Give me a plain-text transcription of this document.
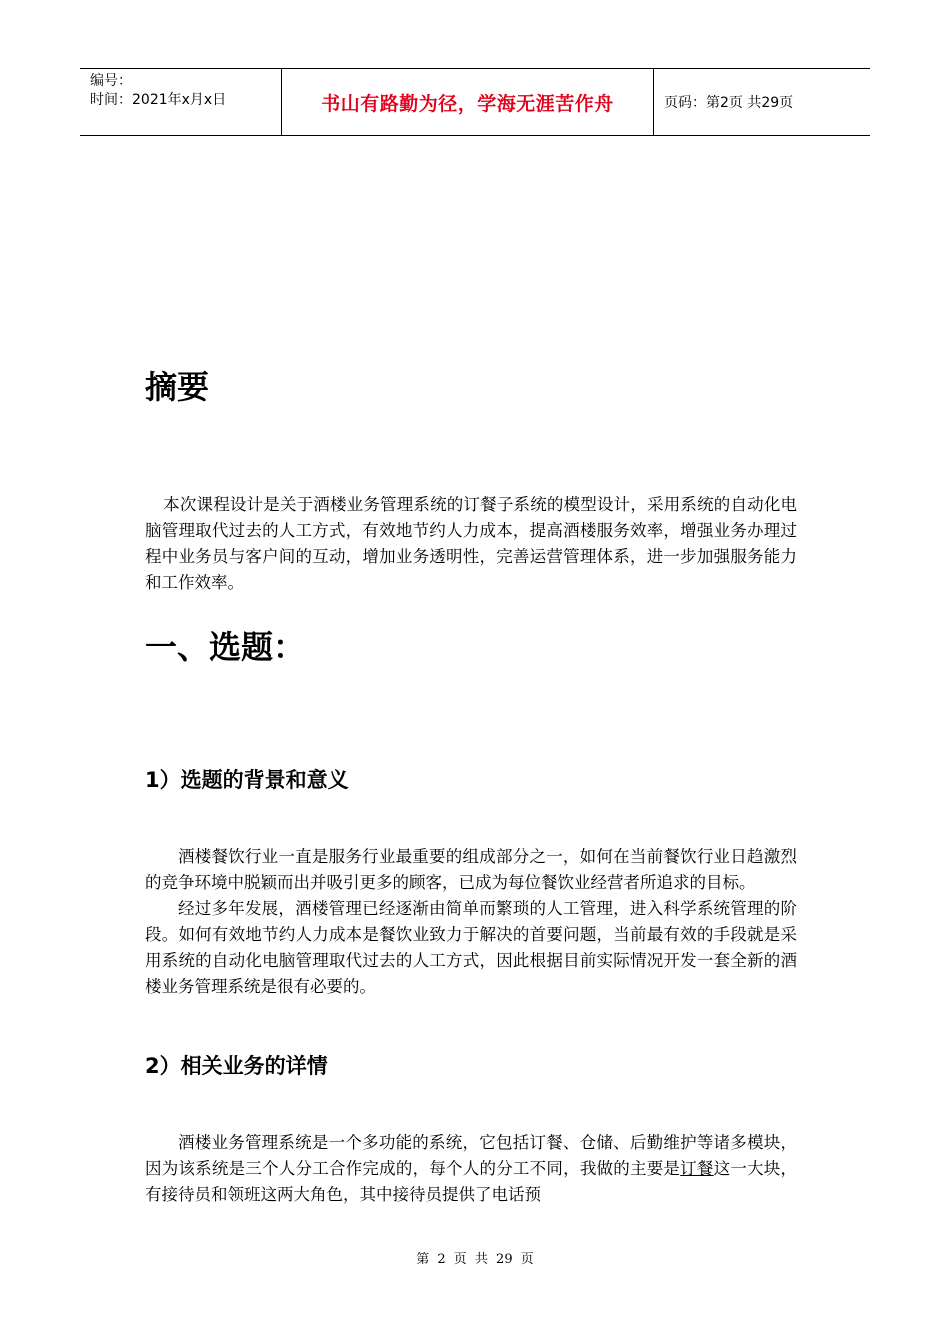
编号：
时间：2021年x月x日	书山有路勤为径，学海无涯苦作舟	页码：第2页 共29页
摘要

本次课程设计是关于酒楼业务管理系统的订餐子系统的模型设计，采用系统的自动化电脑管理取代过去的人工方式，有效地节约人力成本，提高酒楼服务效率，增强业务办理过程中业务员与客户间的互动，增加业务透明性，完善运营管理体系，进一步加强服务能力和工作效率。

一、选题：
1）选题的背景和意义

酒楼餐饮行业一直是服务行业最重要的组成部分之一，如何在当前餐饮行业日趋激烈的竞争环境中脱颖而出并吸引更多的顾客，已成为每位餐饮业经营者所追求的目标。

经过多年发展，酒楼管理已经逐渐由简单而繁琐的人工管理，进入科学系统管理的阶段。如何有效地节约人力成本是餐饮业致力于解决的首要问题，当前最有效的手段就是采用系统的自动化电脑管理取代过去的人工方式，因此根据目前实际情况开发一套全新的酒楼业务管理系统是很有必要的。

2）相关业务的详情

酒楼业务管理系统是一个多功能的系统，它包括订餐、仓储、后勤维护等诸多模块，因为该系统是三个人分工合作完成的，每个人的分工不同，我做的主要是订餐这一大块，有接待员和领班这两大角色，其中接待员提供了电话预

第 2 页 共 29 页
